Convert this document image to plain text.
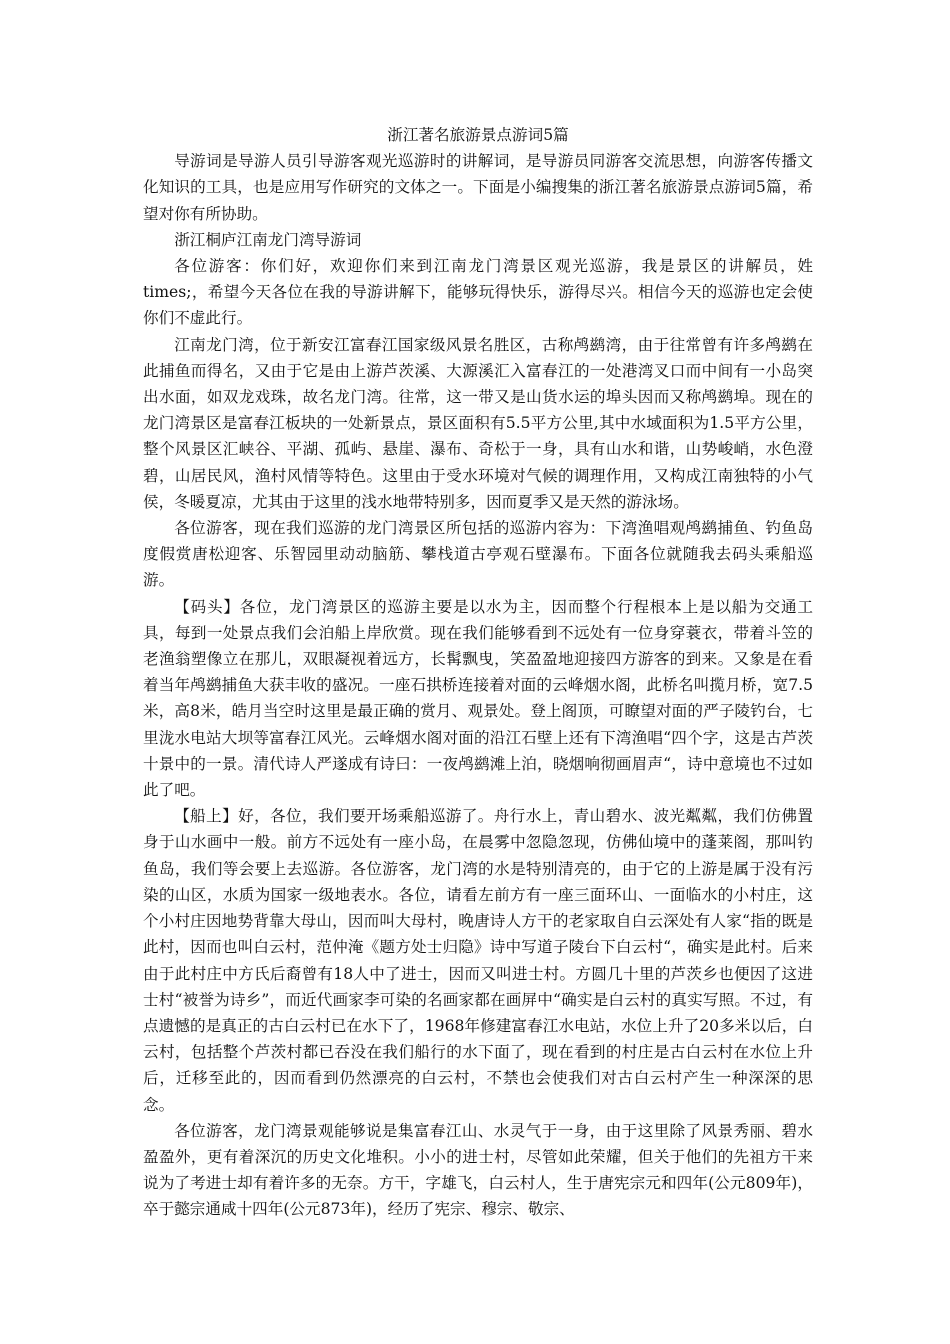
浙江著名旅游景点游词5篇

导游词是导游人员引导游客观光巡游时的讲解词，是导游员同游客交流思想，向游客传播文化知识的工具，也是应用写作研究的文体之一。下面是小编搜集的浙江著名旅游景点游词5篇，希望对你有所协助。

浙江桐庐江南龙门湾导游词

各位游客：你们好，欢迎你们来到江南龙门湾景区观光巡游，我是景区的讲解员，姓times;，希望今天各位在我的导游讲解下，能够玩得快乐，游得尽兴。相信今天的巡游也定会使你们不虚此行。

江南龙门湾，位于新安江富春江国家级风景名胜区，古称鸬鹚湾，由于往常曾有许多鸬鹚在此捕鱼而得名，又由于它是由上游芦茨溪、大源溪汇入富春江的一处港湾叉口而中间有一小岛突出水面，如双龙戏珠，故名龙门湾。往常，这一带又是山货水运的埠头因而又称鸬鹚埠。现在的龙门湾景区是富春江板块的一处新景点，景区面积有5.5平方公里,其中水域面积为1.5平方公里，整个风景区汇峡谷、平湖、孤屿、悬崖、瀑布、奇松于一身，具有山水和谐，山势峻峭，水色澄碧，山居民风，渔村风情等特色。这里由于受水环境对气候的调理作用，又构成江南独特的小气侯，冬暖夏凉，尤其由于这里的浅水地带特别多，因而夏季又是天然的游泳场。

各位游客，现在我们巡游的龙门湾景区所包括的巡游内容为：下湾渔唱观鸬鹚捕鱼、钓鱼岛度假赏唐松迎客、乐智园里动动脑筋、攀栈道古亭观石壁瀑布。下面各位就随我去码头乘船巡游。

【码头】各位，龙门湾景区的巡游主要是以水为主，因而整个行程根本上是以船为交通工具，每到一处景点我们会泊船上岸欣赏。现在我们能够看到不远处有一位身穿蓑衣，带着斗笠的老渔翁塑像立在那儿，双眼凝视着远方，长髯飘曳，笑盈盈地迎接四方游客的到来。又象是在看着当年鸬鹚捕鱼大获丰收的盛况。一座石拱桥连接着对面的云峰烟水阁，此桥名叫揽月桥，宽7.5米，高8米，皓月当空时这里是最正确的赏月、观景处。登上阁顶，可瞭望对面的严子陵钓台，七里泷水电站大坝等富春江风光。云峰烟水阁对面的沿江石壁上还有下湾渔唱“四个字，这是古芦茨十景中的一景。清代诗人严遂成有诗曰：一夜鸬鹚滩上泊，晓烟响彻画眉声“，诗中意境也不过如此了吧。

【船上】好，各位，我们要开场乘船巡游了。舟行水上，青山碧水、波光粼粼，我们仿佛置身于山水画中一般。前方不远处有一座小岛，在晨雾中忽隐忽现，仿佛仙境中的蓬莱阁，那叫钓鱼岛，我们等会要上去巡游。各位游客，龙门湾的水是特别清亮的，由于它的上游是属于没有污染的山区，水质为国家一级地表水。各位，请看左前方有一座三面环山、一面临水的小村庄，这个小村庄因地势背靠大母山，因而叫大母村，晚唐诗人方干的老家取自白云深处有人家“指的既是此村，因而也叫白云村，范仲淹《题方处士归隐》诗中写道子陵台下白云村“，确实是此村。后来由于此村庄中方氏后裔曾有18人中了进士，因而又叫进士村。方圆几十里的芦茨乡也便因了这进士村“被誉为诗乡”，而近代画家李可染的名画家都在画屏中“确实是白云村的真实写照。不过，有点遗憾的是真正的古白云村已在水下了，1968年修建富春江水电站，水位上升了20多米以后，白云村，包括整个芦茨村都已吞没在我们船行的水下面了，现在看到的村庄是古白云村在水位上升后，迁移至此的，因而看到仍然漂亮的白云村，不禁也会使我们对古白云村产生一种深深的思念。

各位游客，龙门湾景观能够说是集富春江山、水灵气于一身，由于这里除了风景秀丽、碧水盈盈外，更有着深沉的历史文化堆积。小小的进士村，尽管如此荣耀，但关于他们的先祖方干来说为了考进士却有着许多的无奈。方干，字雄飞，白云村人，生于唐宪宗元和四年(公元809年)，卒于懿宗通咸十四年(公元873年)，经历了宪宗、穆宗、敬宗、
